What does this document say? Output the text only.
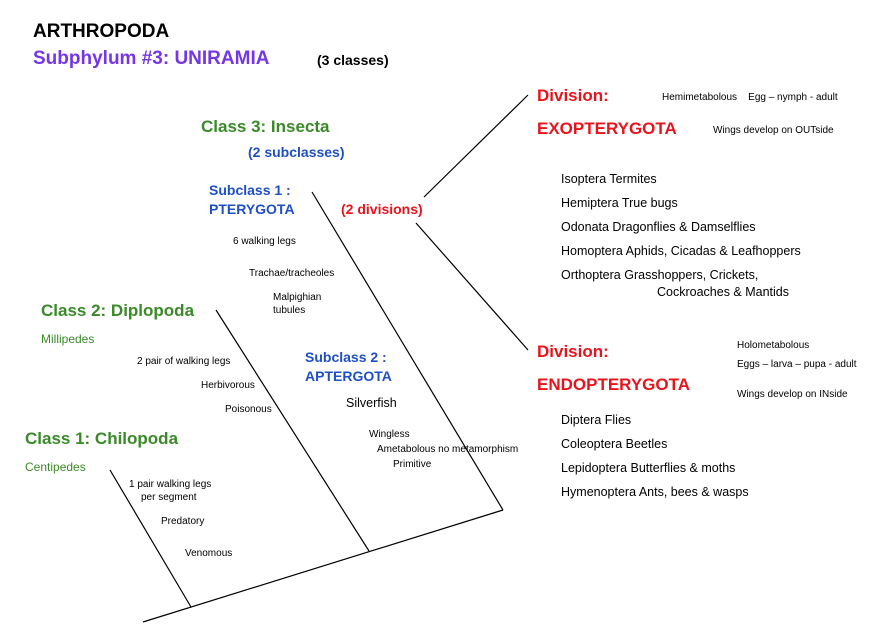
ARTHROPODA
Subphylum #3: UNIRAMIA	(3 classes)
Class 3: Insecta
(2 subclasses)
Subclass 1 :
PTERYGOTA	(2 divisions)
6 walking legs
Trachae/tracheoles
Malpighian
tubules
Subclass 2 :
APTERGOTA
Silverfish
Wingless
Ametabolous no metamorphism
Primitive
Class 2: Diplopoda
Millipedes
2 pair of walking legs
Herbivorous
Poisonous
Class 1: Chilopoda
Centipedes
1 pair walking legs
per segment
Predatory
Venomous
Division:	Hemimetabolous    Egg – nymph - adult
EXOPTERYGOTA	Wings develop on OUTside
Isoptera Termites
Hemiptera True bugs
Odonata Dragonflies & Damselflies
Homoptera Aphids, Cicadas & Leafhoppers
Orthoptera Grasshoppers, Crickets,
Cockroaches & Mantids
Division:	Holometabolous
Eggs – larva – pupa - adult
ENDOPTERYGOTA
Wings develop on INside
Diptera Flies
Coleoptera Beetles
Lepidoptera Butterflies & moths
Hymenoptera Ants, bees & wasps
